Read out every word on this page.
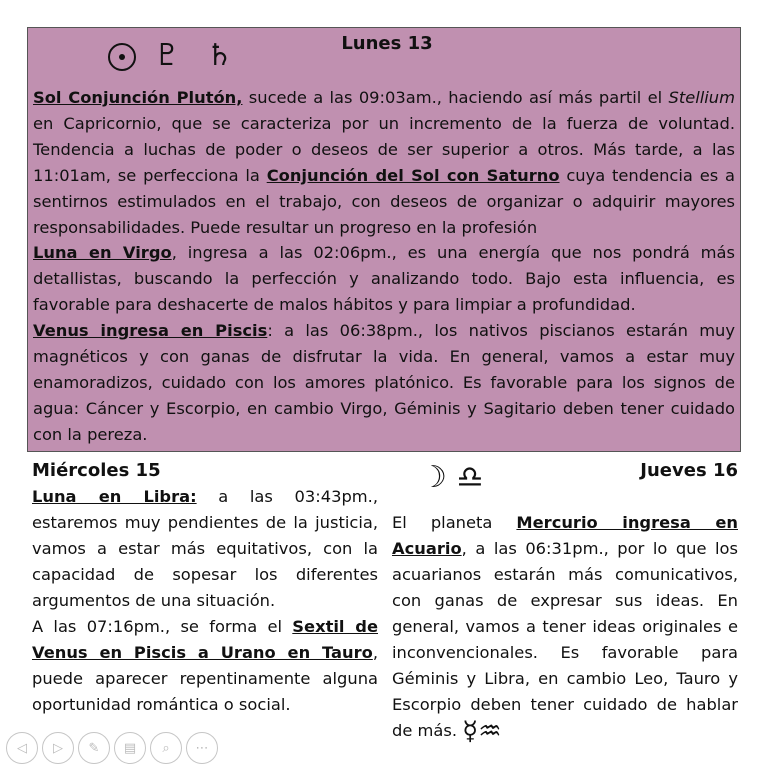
♇ ♄	Lunes 13

Sol Conjunción Plutón, sucede a las 09:03am., haciendo así más partil el Stellium en Capricornio, que se caracteriza por un incremento de la fuerza de voluntad. Tendencia a luchas de poder o deseos de ser superior a otros. Más tarde, a las 11:01am, se perfecciona la Conjunción del Sol con Saturno cuya tendencia es a sentirnos estimulados en el trabajo, con deseos de organizar o adquirir mayores responsabilidades. Puede resultar un progreso en la profesión

Luna en Virgo, ingresa a las 02:06pm., es una energía que nos pondrá más detallistas, buscando la perfección y analizando todo. Bajo esta influencia, es favorable para deshacerte de malos hábitos y para limpiar a profundidad.

Venus ingresa en Piscis: a las 06:38pm., los nativos piscianos estarán muy magnéticos y con ganas de disfrutar la vida. En general, vamos a estar muy enamoradizos, cuidado con los amores platónico. Es favorable para los signos de agua: Cáncer y Escorpio, en cambio Virgo, Géminis y Sagitario deben tener cuidado con la pereza.

Miércoles 15

Luna en Libra: a las 03:43pm., estaremos muy pendientes de la justicia, vamos a estar más equitativos, con la capacidad de sopesar los diferentes argumentos de una situación.

A las 07:16pm., se forma el Sextil de Venus en Piscis a Urano en Tauro, puede aparecer repentinamente alguna oportunidad romántica o social.

☽ ♎	Jueves 16

El planeta Mercurio ingresa en Acuario, a las 06:31pm., por lo que los acuarianos estarán más comunicativos, con ganas de expresar sus ideas. En general, vamos a tener ideas originales e inconvencionales. Es favorable para Géminis y Libra, en cambio Leo, Tauro y Escorpio deben tener cuidado de hablar de más. ☿♒

◁	▷	✎	▤	⌕	⋯
